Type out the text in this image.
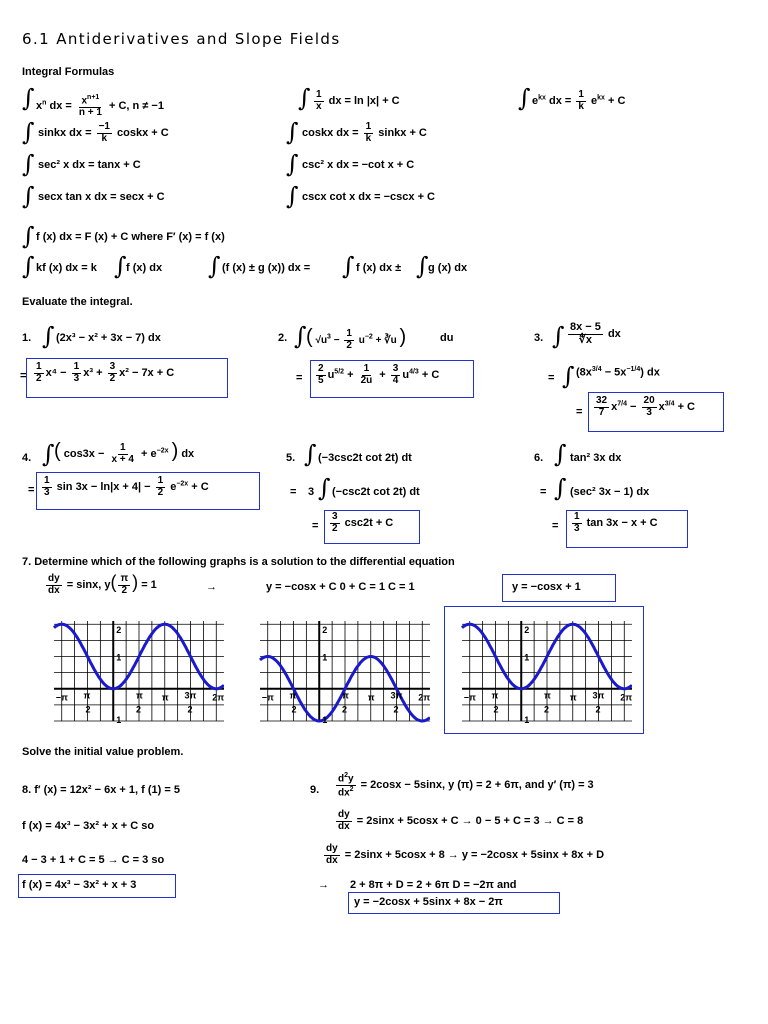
6.1 Antiderivatives and Slope Fields
Integral Formulas
∫ $x^n$ dx = $\frac{x^{n+1}}{n + 1} + C$, n ≠ −1	∫ $\frac{1}{x}$ dx = ln |x| + C	∫ $e^{kx}$ dx = $\frac{1}{k} e^{kx} + C$
∫ sinkx dx = $\frac{-1}{k}$ coskx + C	∫ coskx dx = $\frac{1}{k}$ sinkx + C
∫ sec² x dx = tanx + C	∫ csc² x dx = −cot x + C
∫ secx tan x dx = secx + C	∫ cscx cot x dx = −cscx + C
∫ f (x) dx = F (x) + C where F′ (x) = f (x)
∫ kf (x) dx = k ∫ f (x) dx ∫ (f (x) ± g (x)) dx = ∫ f (x) dx ± ∫ g (x) dx
Evaluate the integral.
1. ∫ (2x³ − x² + 3x − 7) dx
= $\frac{1}{2} x^4 - \frac{1}{3} x^3 + \frac{3}{2} x^2 - 7x + C$
2. ∫ ( $√u^3 - \frac{1}{2} u^{-2}$ + ∛u )	du
= $\frac{2}{5} u^{5/2} + \frac{1}{2u} + \frac{3}{4} u^{4/3} + C$
3. ∫ $\frac{8x - 5}{∜x}$ dx
= ∫ $(8x^{3/4} - 5x^{-1/4})$ dx
= $\frac{32}{7} x^{7/4} - \frac{20}{3} x^{3/4} + C$
4. ∫ ( $\cos 3x - \frac{1}{x + 4} + e^{-2x}$ ) dx
= $\frac{1}{3}$ $\sin 3x - \ln|x + 4| - \frac{1}{2} e^{-2x} + C$
5. ∫ (−3csc2t cot 2t) dt
= 3 ∫ (−csc2t cot 2t) dt
= $\frac{3}{2} \csc 2t + C$
6. ∫ tan² 3x dx
= ∫ (sec² 3x − 1) dx
= $\frac{1}{3}$ tan 3x − x + C
7. Determine which of the following graphs is a solution to the differential equation
$\frac{dy}{dx} = \sin x$, $y( \frac{\pi}{2}$ ) = 1	→	y = −cosx + C 0 + C = 1 C = 1	y = −cosx + 1
2
1
1
−π π
2
π
2
π 3π
2
2π
2
1
1
−π π
2
π
2
π 3π
2
2π
2
1
1
−π π
2
π
2
π 3π
2
2π
Solve the initial value problem.
8. f′ (x) = 12x² − 6x + 1, f (1) = 5
f (x) = 4x³ − 3x² + x + C so
4 − 3 + 1 + C = 5 → C = 3 so
f (x) = 4x³ − 3x² + x + 3
9. $\frac{d^2y}{dx^2} = 2\cos x - 5\sin x$, y (π) = 2 + 6π, and y′ (π) = 3
$\frac{dy}{dx} = 2\sin x + 5\cos x + C \to 0 - 5 + C = 3 \to C = 8$
$\frac{dy}{dx} = 2\sin x + 5\cos x + 8 \to y = -2\cos x + 5\sin x + 8x + D$
→ 2 + 8π + D = 2 + 6π D = −2π and
y = −2cosx + 5sinx + 8x − 2π
